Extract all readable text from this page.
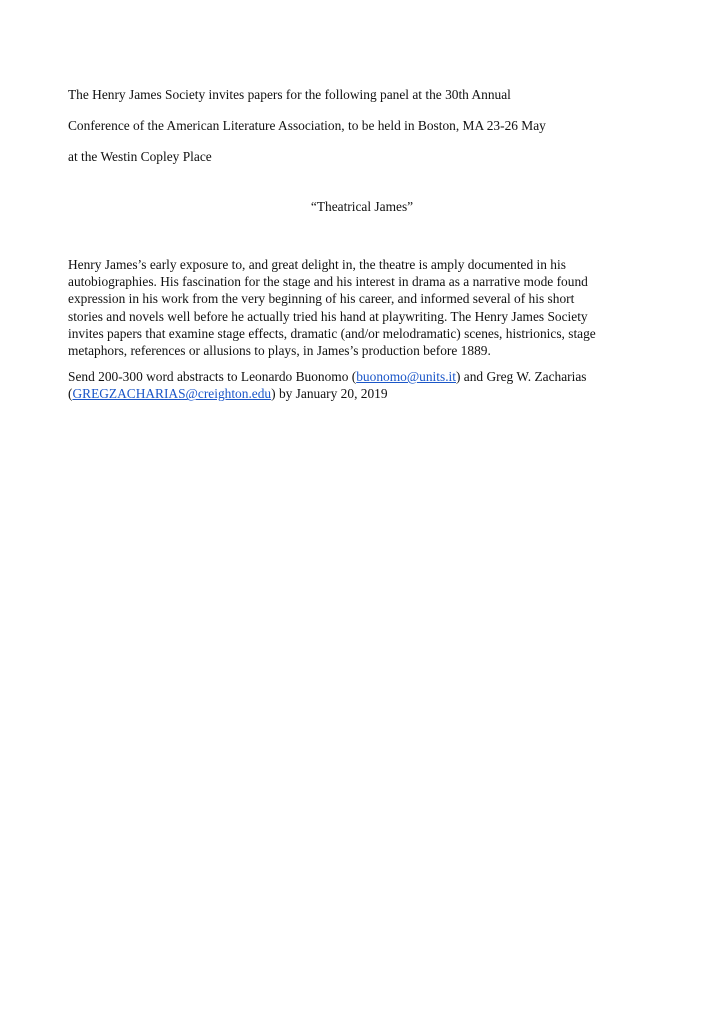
The Henry James Society invites papers for the following panel at the 30th Annual

Conference of the American Literature Association, to be held in Boston, MA 23-26 May

at the Westin Copley Place

“Theatrical James”

Henry James’s early exposure to, and great delight in, the theatre is amply documented in his

autobiographies. His fascination for the stage and his interest in drama as a narrative mode found

expression in his work from the very beginning of his career, and informed several of his short

stories and novels well before he actually tried his hand at playwriting. The Henry James Society

invites papers that examine stage effects, dramatic (and/or melodramatic) scenes, histrionics, stage

metaphors, references or allusions to plays, in James’s production before 1889.

Send 200-300 word abstracts to Leonardo Buonomo (buonomo@units.it) and Greg W. Zacharias

(GREGZACHARIAS@creighton.edu) by January 20, 2019
